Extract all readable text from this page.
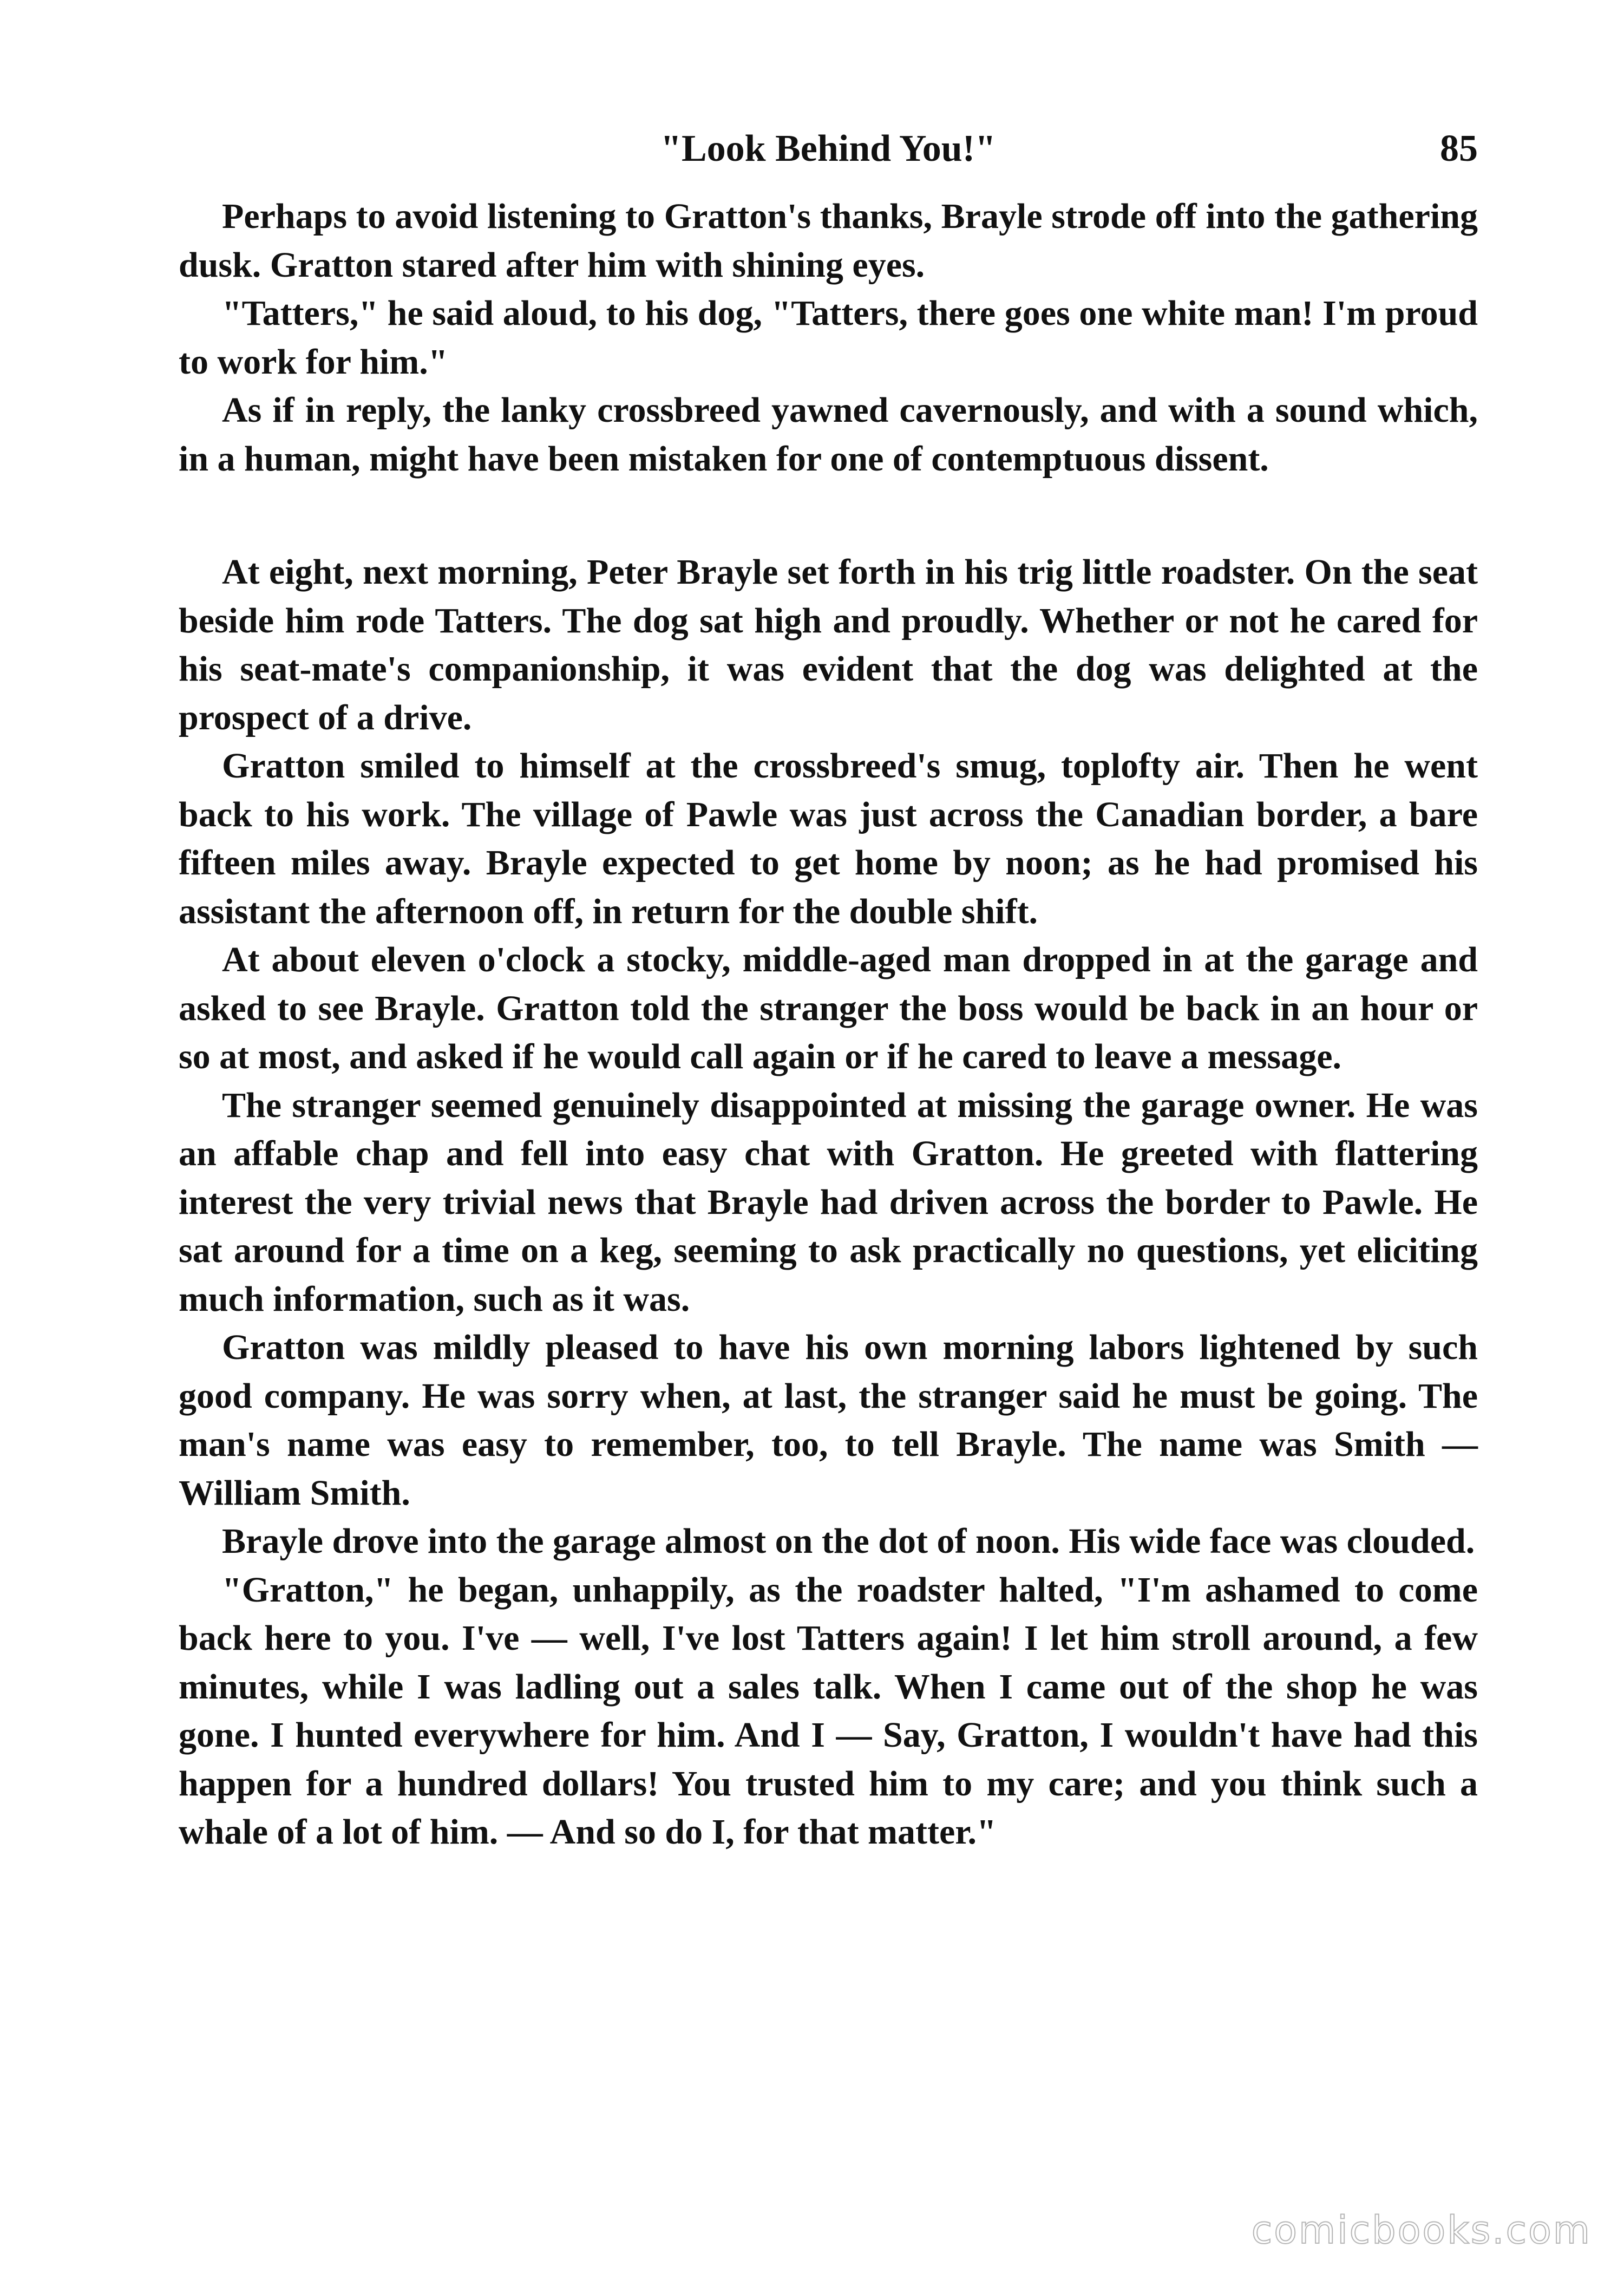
"Look Behind You!"	85

Perhaps to avoid listening to Gratton's thanks, Brayle strode off into the gathering dusk. Gratton stared after him with shining eyes.

"Tatters," he said aloud, to his dog, "Tatters, there goes one white man! I'm proud to work for him."

As if in reply, the lanky crossbreed yawned cavernously, and with a sound which, in a human, might have been mistaken for one of contemptuous dissent.

At eight, next morning, Peter Brayle set forth in his trig little roadster. On the seat beside him rode Tatters. The dog sat high and proudly. Whether or not he cared for his seat-mate's companionship, it was evident that the dog was delighted at the prospect of a drive.

Gratton smiled to himself at the crossbreed's smug, toplofty air. Then he went back to his work. The village of Pawle was just across the Canadian border, a bare fifteen miles away. Brayle expected to get home by noon; as he had promised his assistant the afternoon off, in return for the double shift.

At about eleven o'clock a stocky, middle-aged man dropped in at the garage and asked to see Brayle. Gratton told the stranger the boss would be back in an hour or so at most, and asked if he would call again or if he cared to leave a message.

The stranger seemed genuinely disappointed at missing the garage owner. He was an affable chap and fell into easy chat with Gratton. He greeted with flattering interest the very trivial news that Brayle had driven across the border to Pawle. He sat around for a time on a keg, seeming to ask practically no questions, yet eliciting much information, such as it was.

Gratton was mildly pleased to have his own morning labors lightened by such good company. He was sorry when, at last, the stranger said he must be going. The man's name was easy to remember, too, to tell Brayle. The name was Smith — William Smith.

Brayle drove into the garage almost on the dot of noon. His wide face was clouded.

"Gratton," he began, unhappily, as the roadster halted, "I'm ashamed to come back here to you. I've — well, I've lost Tatters again! I let him stroll around, a few minutes, while I was ladling out a sales talk. When I came out of the shop he was gone. I hunted everywhere for him. And I — Say, Gratton, I wouldn't have had this happen for a hundred dollars! You trusted him to my care; and you think such a whale of a lot of him. — And so do I, for that matter."

comicbooks.com
